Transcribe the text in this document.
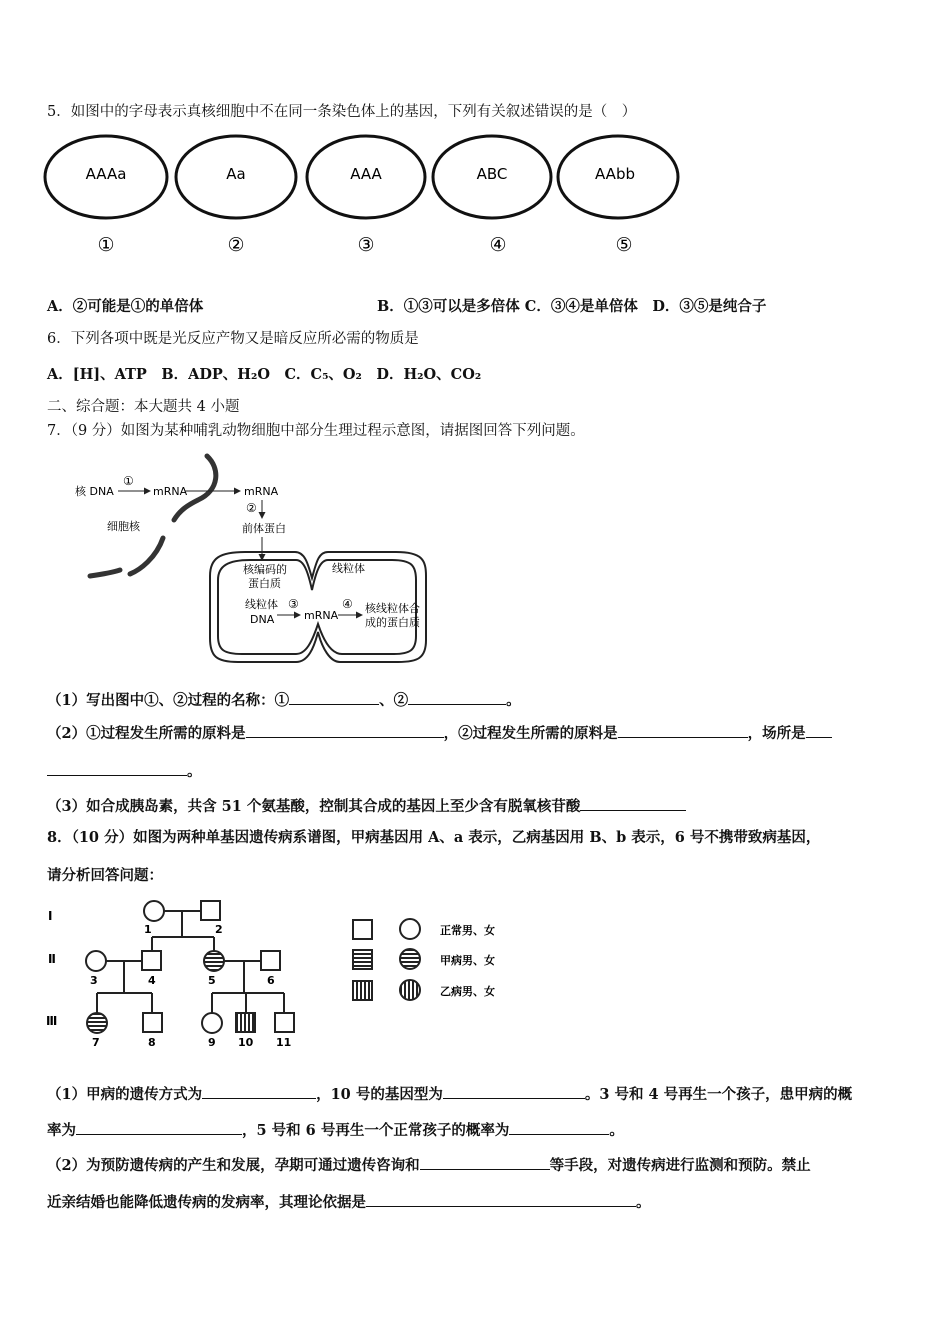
5．如图中的字母表示真核细胞中不在同一条染色体上的基因，下列有关叙述错误的是（　）
AAAa
①
Aa
②
AAA
③
ABC
④
AAbb
⑤
A．②可能是①的单倍体	B．①③可以是多倍体 C．③④是单倍体　D．③⑤是纯合子
6．下列各项中既是光反应产物又是暗反应所必需的物质是
A．[H]、ATP　B．ADP、H₂O　C．C₅、O₂　D．H₂O、CO₂
二、综合题：本大题共 4 小题
7．（9 分）如图为某种哺乳动物细胞中部分生理过程示意图，请据图回答下列问题。
核 DNA
①
mRNA	mRNA
②
细胞核	前体蛋白
线粒体
核编码的
蛋白质
线粒体
DNA
③
mRNA
④ 核线粒体合
成的蛋白质
（1）写出图中①、②过程的名称：①	、②	。
（2）①过程发生所需的原料是	，②过程发生所需的原料是	，场所是
。
（3）如合成胰岛素，共含 51 个氨基酸，控制其合成的基因上至少含有脱氧核苷酸
8．（10 分）如图为两种单基因遗传病系谱图，甲病基因用 A、a 表示，乙病基因用 B、b 表示，6 号不携带致病基因，
请分析回答问题：
Ⅰ
Ⅱ
Ⅲ
1	2
3	4	5	6
7	8	9 10 11
正常男、女
甲病男、女
乙病男、女
（1）甲病的遗传方式为	，10 号的基因型为	。3 号和 4 号再生一个孩子，患甲病的概
率为	，5 号和 6 号再生一个正常孩子的概率为	。
（2）为预防遗传病的产生和发展，孕期可通过遗传咨询和	等手段，对遗传病进行监测和预防。禁止
近亲结婚也能降低遗传病的发病率，其理论依据是	。
